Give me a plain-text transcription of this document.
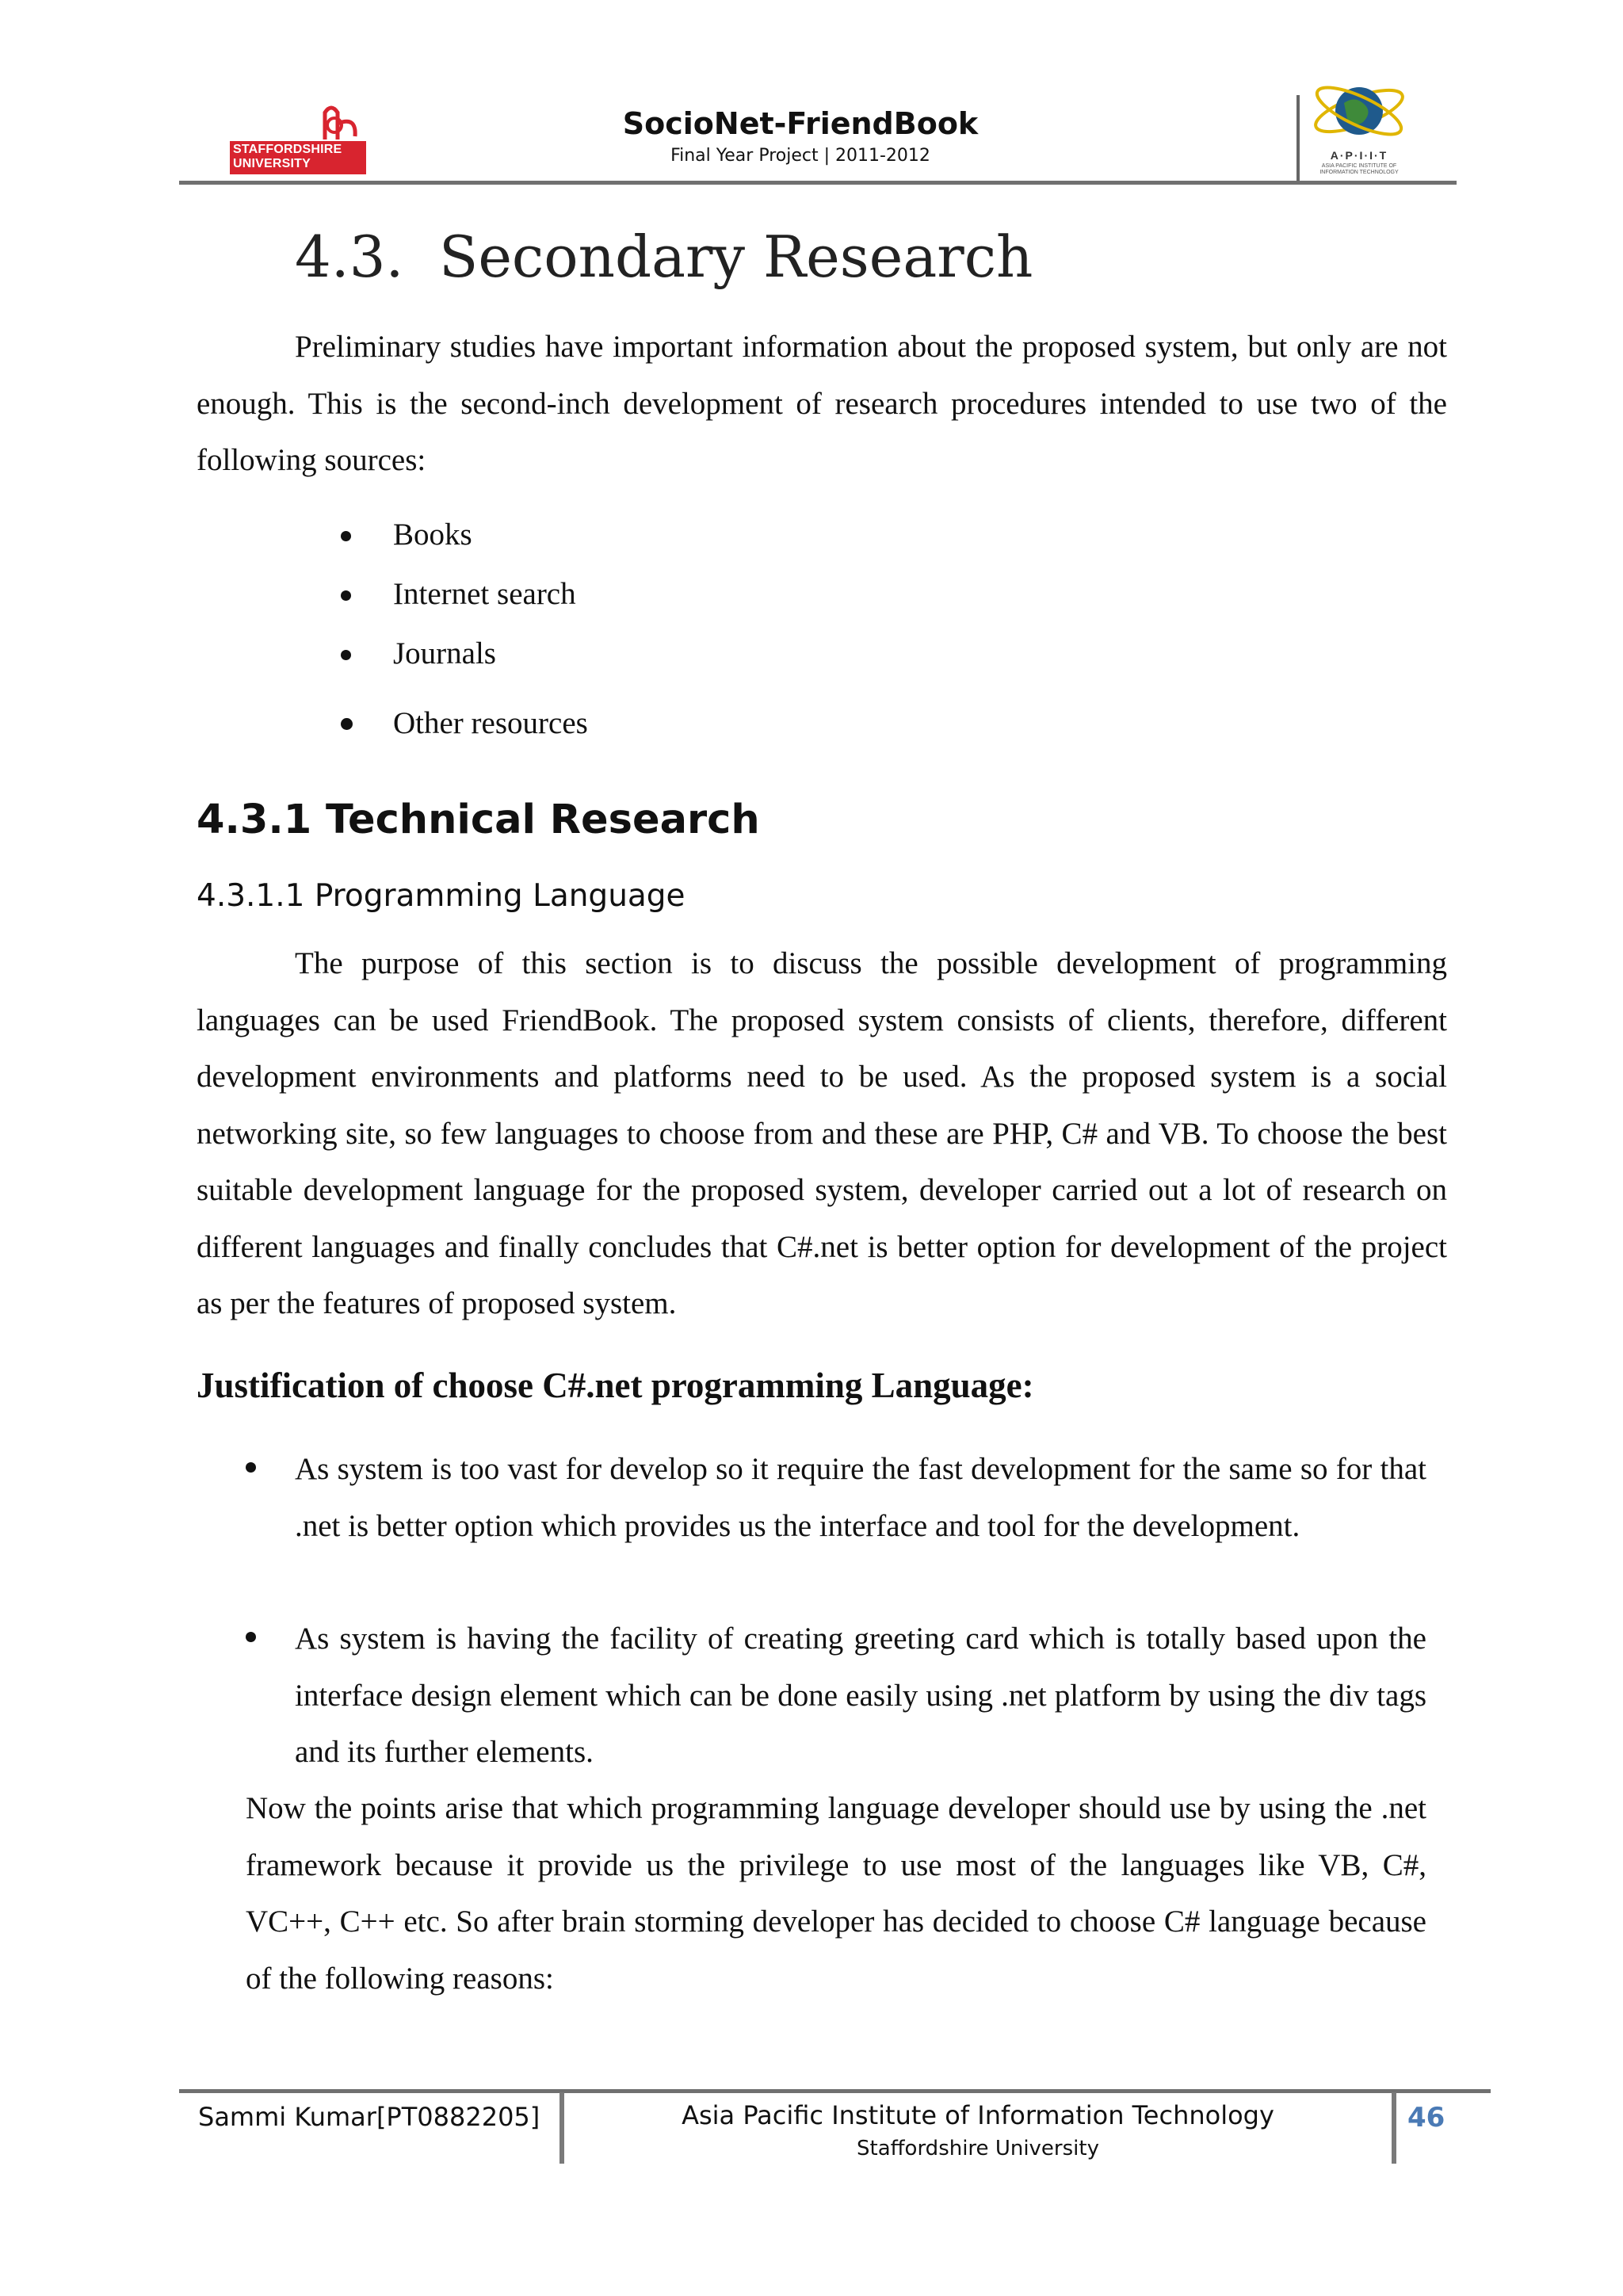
STAFFORDSHIRE UNIVERSITY
SocioNet-FriendBook
Final Year Project | 2011-2012	A·P·I·I·T
ASIA PACIFIC INSTITUTE OF INFORMATION TECHNOLOGY
4.3. Secondary Research
Preliminary studies have important information about the proposed system, but only are not enough. This is the second-inch development of research procedures intended to use two of the following sources:
Books
Internet search
Journals
Other resources
4.3.1 Technical Research
4.3.1.1 Programming Language
The purpose of this section is to discuss the possible development of programming languages can be used FriendBook. The proposed system consists of clients, therefore, different development environments and platforms need to be used. As the proposed system is a social networking site, so few languages to choose from and these are PHP, C# and VB. To choose the best suitable development language for the proposed system, developer carried out a lot of research on different languages and finally concludes that C#.net is better option for development of the project as per the features of proposed system.
Justification of choose C#.net programming Language:
As system is too vast for develop so it require the fast development for the same so for that .net is better option which provides us the interface and tool for the development.
As system is having the facility of creating greeting card which is totally based upon the interface design element which can be done easily using .net platform by using the div tags and its further elements.
Now the points arise that which programming language developer should use by using the .net framework because it provide us the privilege to use most of the languages like VB, C#, VC++, C++ etc. So after brain storming developer has decided to choose C# language because of the following reasons:
Sammi Kumar[PT0882205]	Asia Pacific Institute of Information Technology
Staffordshire University
46
